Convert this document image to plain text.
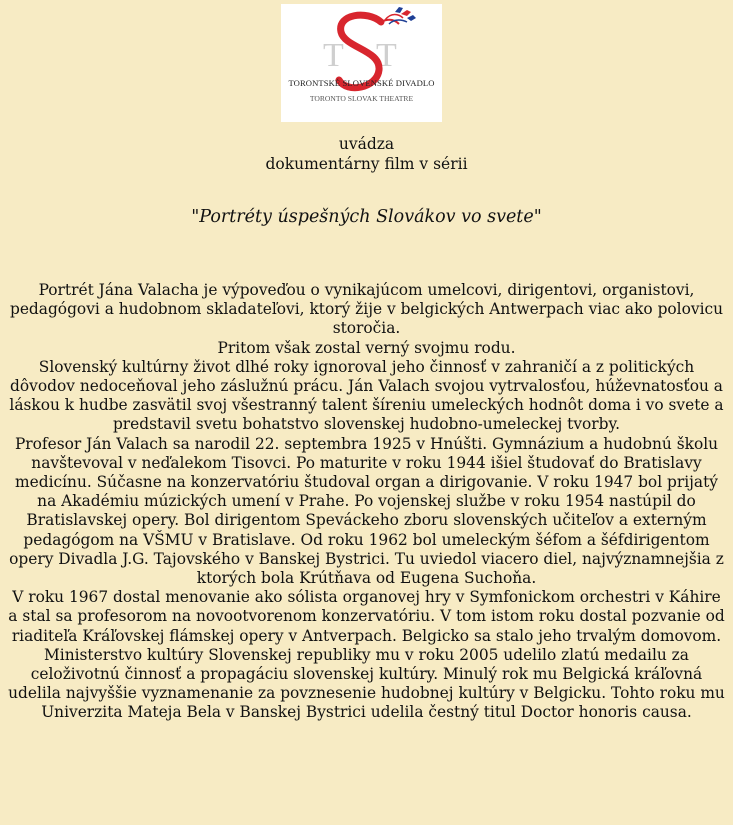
T T
TORONTSKÉ SLOVENSKÉ DIVADLO
TORONTO SLOVAK THEATRE
uvádza
dokumentárny film v sérii
"Portréty úspešných Slovákov vo svete"

Portrét Jána Valacha je výpoveďou o vynikajúcom umelcovi, dirigentovi, organistovi, pedagógovi a hudobnom skladateľovi, ktorý žije v belgických Antwerpach viac ako polovicu storočia.

Pritom však zostal verný svojmu rodu.

Slovenský kultúrny život dlhé roky ignoroval jeho činnosť v zahraničí a z politických dôvodov nedoceňoval jeho záslužnú prácu. Ján Valach svojou vytrvalosťou, húževnatosťou a láskou k hudbe zasvätil svoj všestranný talent šíreniu umeleckých hodnôt doma i vo svete a predstavil svetu bohatstvo slovenskej hudobno-umeleckej tvorby.

Profesor Ján Valach sa narodil 22. septembra 1925 v Hnúšti. Gymnázium a hudobnú školu navštevoval v neďalekom Tisovci. Po maturite v roku 1944 išiel študovať do Bratislavy medicínu. Súčasne na konzervatóriu študoval organ a dirigovanie. V roku 1947 bol prijatý na Akadémiu múzických umení v Prahe. Po vojenskej službe v roku 1954 nastúpil do Bratislavskej opery. Bol dirigentom Speváckeho zboru slovenských učiteľov a externým pedagógom na VŠMU v Bratislave. Od roku 1962 bol umeleckým šéfom a šéfdirigentom opery Divadla J.G. Tajovského v Banskej Bystrici. Tu uviedol viacero diel, najvýznamnejšia z ktorých bola Krútňava od Eugena Suchoňa.

V roku 1967 dostal menovanie ako sólista organovej hry v Symfonickom orchestri v Káhire a stal sa profesorom na novootvorenom konzervatóriu. V tom istom roku dostal pozvanie od riaditeľa Kráľovskej flámskej opery v Antverpach. Belgicko sa stalo jeho trvalým domovom.

Ministerstvo kultúry Slovenskej republiky mu v roku 2005 udelilo zlatú medailu za celoživotnú činnosť a propagáciu slovenskej kultúry. Minulý rok mu Belgická kráľovná udelila najvyššie vyznamenanie za povznesenie hudobnej kultúry v Belgicku. Tohto roku mu Univerzita Mateja Bela v Banskej Bystrici udelila čestný titul Doctor honoris causa.
